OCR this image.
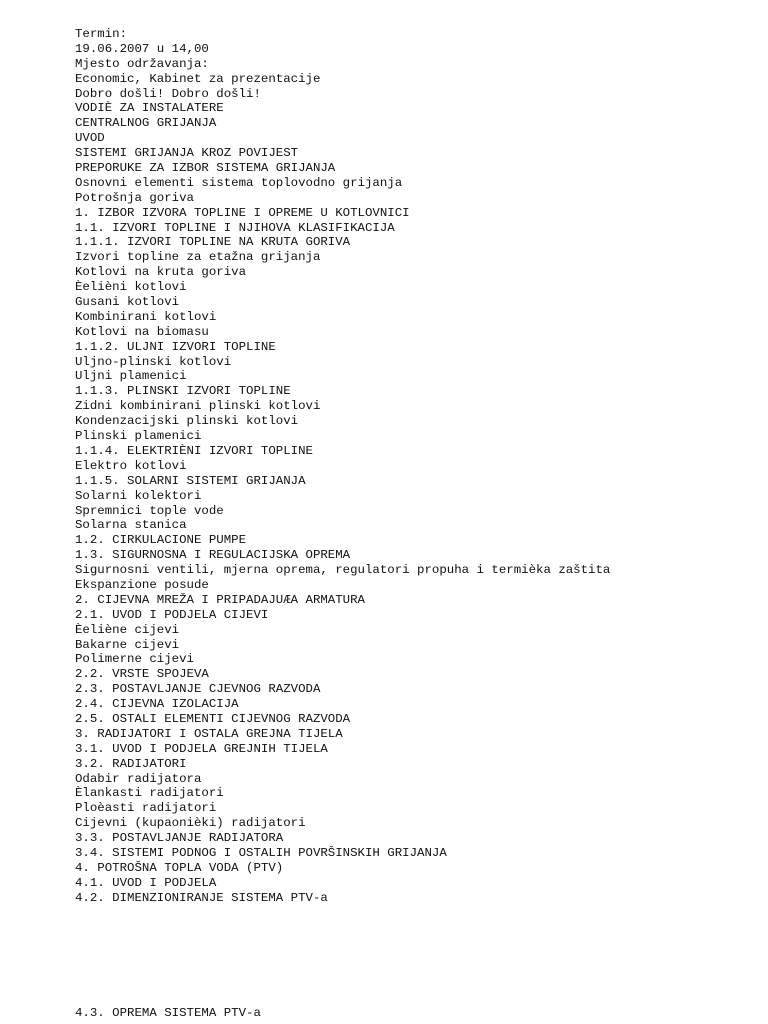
Termin:
19.06.2007 u 14,00
Mjesto održavanja:
Economic, Kabinet za prezentacije
Dobro došli! Dobro došli!
VODIÈ ZA INSTALATERE
CENTRALNOG GRIJANJA
UVOD
SISTEMI GRIJANJA KROZ POVIJEST
PREPORUKE ZA IZBOR SISTEMA GRIJANJA
Osnovni elementi sistema toplovodno grijanja
Potrošnja goriva
1. IZBOR IZVORA TOPLINE I OPREME U KOTLOVNICI
1.1. IZVORI TOPLINE I NJIHOVA KLASIFIKACIJA
1.1.1. IZVORI TOPLINE NA KRUTA GORIVA
Izvori topline za etažna grijanja
Kotlovi na kruta goriva
Èelièni kotlovi
Gusani kotlovi
Kombinirani kotlovi
Kotlovi na biomasu
1.1.2. ULJNI IZVORI TOPLINE
Uljno-plinski kotlovi
Uljni plamenici
1.1.3. PLINSKI IZVORI TOPLINE
Zidni kombinirani plinski kotlovi
Kondenzacijski plinski kotlovi
Plinski plamenici
1.1.4. ELEKTRIÈNI IZVORI TOPLINE
Elektro kotlovi
1.1.5. SOLARNI SISTEMI GRIJANJA
Solarni kolektori
Spremnici tople vode
Solarna stanica
1.2. CIRKULACIONE PUMPE
1.3. SIGURNOSNA I REGULACIJSKA OPREMA
Sigurnosni ventili, mjerna oprema, regulatori propuha i termièka zaštita
Ekspanzione posude
2. CIJEVNA MREŽA I PRIPADAJUÆA ARMATURA
2.1. UVOD I PODJELA CIJEVI
Èeliène cijevi
Bakarne cijevi
Polimerne cijevi
2.2. VRSTE SPOJEVA
2.3. POSTAVLJANJE CJEVNOG RAZVODA
2.4. CIJEVNA IZOLACIJA
2.5. OSTALI ELEMENTI CIJEVNOG RAZVODA
3. RADIJATORI I OSTALA GREJNA TIJELA
3.1. UVOD I PODJELA GREJNIH TIJELA
3.2. RADIJATORI
Odabir radijatora
Èlankasti radijatori
Ploèasti radijatori
Cijevni (kupaonièki) radijatori
3.3. POSTAVLJANJE RADIJATORA
3.4. SISTEMI PODNOG I OSTALIH POVRŠINSKIH GRIJANJA
4. POTROŠNA TOPLA VODA (PTV)
4.1. UVOD I PODJELA
4.2. DIMENZIONIRANJE SISTEMA PTV-a

4.3. OPREMA SISTEMA PTV-a
